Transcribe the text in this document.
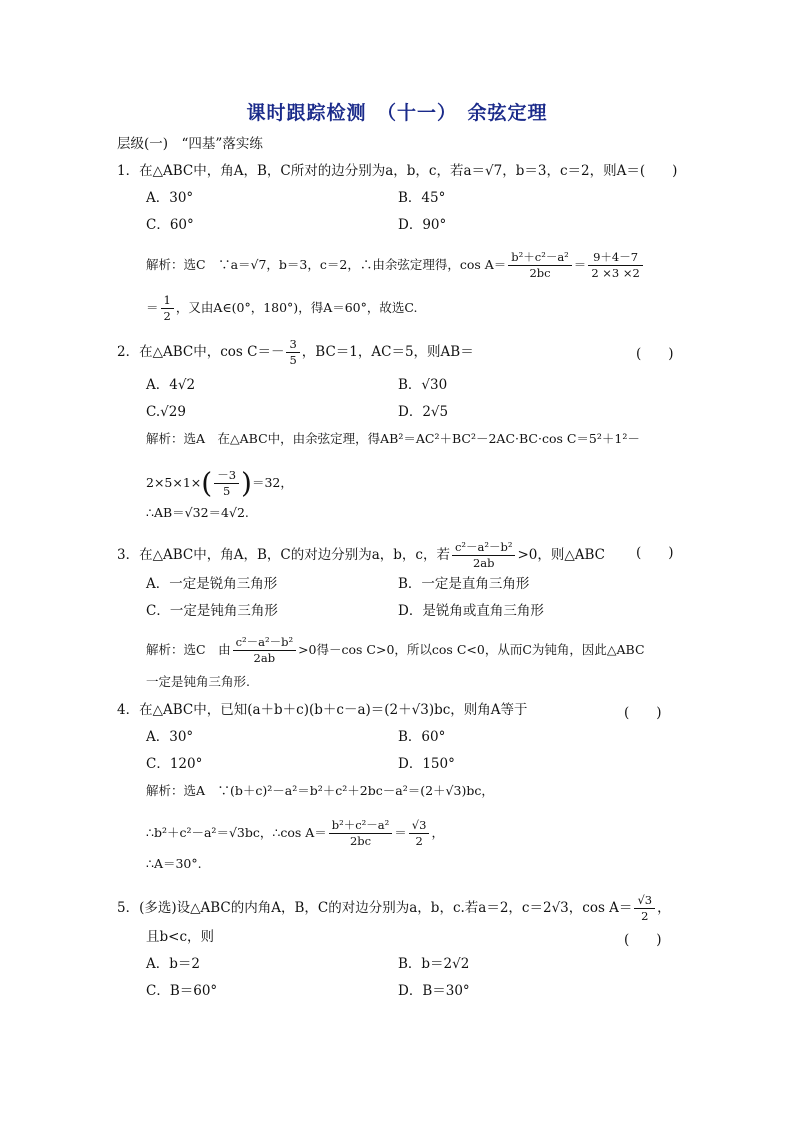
课时跟踪检测　（十一）　余弦定理
层级(一)　“四基”落实练
1．在△ABC中，角A，B，C所对的边分别为a，b，c，若a＝√7，b＝3，c＝2，则A＝(　　)
A．30°	B．45°
C．60°	D．90°
解析：选C　∵a＝√7，b＝3，c＝2，∴由余弦定理得，$\cos A= \frac{\text{b²＋c²－a²}}{2bc} = \frac{9+4-7}{2 \times 3 \times 2}$
＝ $\frac{1}{2}$ ，又由A∈(0°，180°)，得A＝60°，故选C.
2．在△ABC中，$\cos C=- \frac{3}{5}$ ，BC＝1，AC＝5，则AB＝	(　　)
A．4√2	B．√30
C.√29	D．2√5
解析：选A　在△ABC中，由余弦定理，得AB²＝AC²＋BC²－2AC·BC·cos C＝5²＋1²－
$2\times 5\times 1\times( \frac{-3}{5} )=32$，
∴AB＝√32＝4√2.
3．在△ABC中，角A，B，C的对边分别为a，b，c，若 $\frac{\text{c²－a²－b²}}{2ab} >0$，则△ABC (　　)
A．一定是锐角三角形	B．一定是直角三角形
C．一定是钝角三角形	D．是锐角或直角三角形
解析：选C　由 $\frac{\text{c²－a²－b²}}{2ab} >0$得－cos C>0，所以cos C<0，从而C为钝角，因此△ABC
一定是钝角三角形.
4．在△ABC中，已知(a＋b＋c)(b＋c－a)＝(2＋√3)bc，则角A等于	(　　)
A．30°	B．60°
C．120°	D．150°
解析：选A　∵(b＋c)²－a²＝b²＋c²＋2bc－a²＝(2＋√3)bc，
∴b²＋c²－a²＝√3bc，∴cos $A= \frac{\text{b²＋c²－a²}}{2bc} = \frac{√3}{2}$ ，
∴A＝30°.
5．(多选)设△ABC的内角A，B，C的对边分别为a，b，c.若a＝2，c＝2√3，$\cos A= \frac{√3}{2}$ ，
且b<c，则	(　　)
A．b＝2	B．b＝2√2
C．B＝60°	D．B＝30°
